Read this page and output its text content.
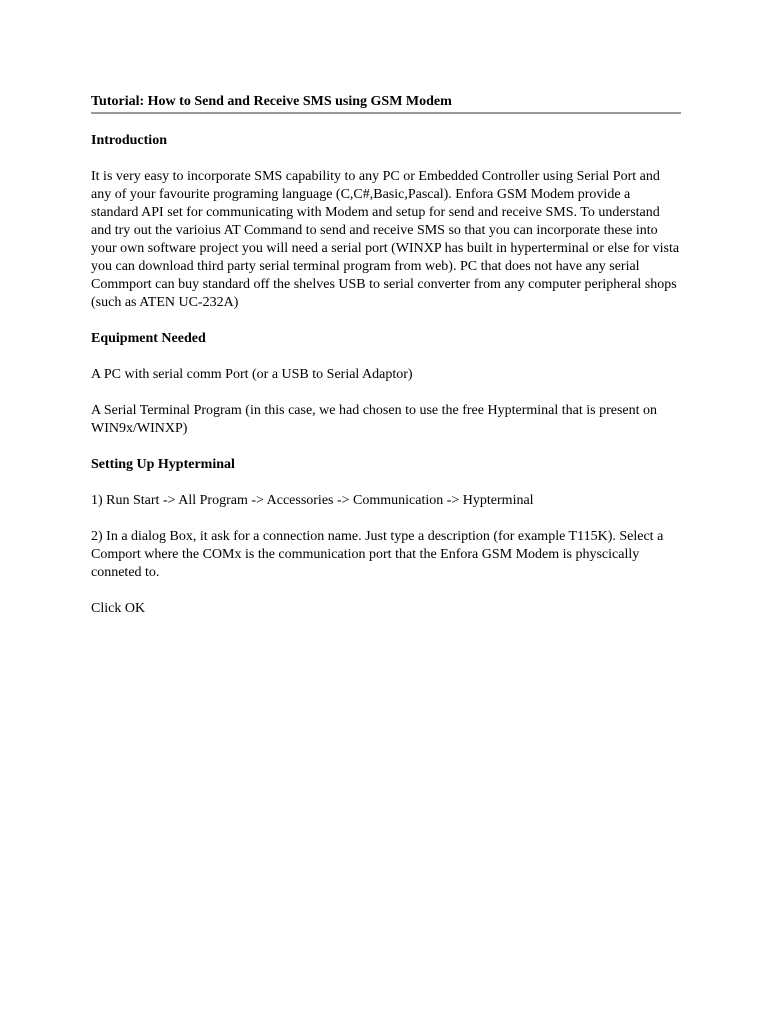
Tutorial: How to Send and Receive SMS using GSM Modem
Introduction

It is very easy to incorporate SMS capability to any PC or Embedded Controller using Serial Port and any of your favourite programing language (C,C#,Basic,Pascal). Enfora GSM Modem provide a standard API set for communicating with Modem and setup for send and receive SMS. To understand and try out the varioius AT Command to send and receive SMS so that you can incorporate these into your own software project you will need a serial port (WINXP has built in hyperterminal or else for vista you can download third party serial terminal program from web). PC that does not have any serial Commport can buy standard off the shelves USB to serial converter from any computer peripheral shops (such as ATEN UC-232A)

Equipment Needed

A PC with serial comm Port (or a USB to Serial Adaptor)

A Serial Terminal Program (in this case, we had chosen to use the free Hypterminal that is present on WIN9x/WINXP)

Setting Up Hypterminal

1) Run Start -> All Program -> Accessories -> Communication -> Hypterminal

2) In a dialog Box, it ask for a connection name. Just type a description (for example T115K). Select a Comport where the COMx is the communication port that the Enfora GSM Modem is physcically conneted to.

Click OK
